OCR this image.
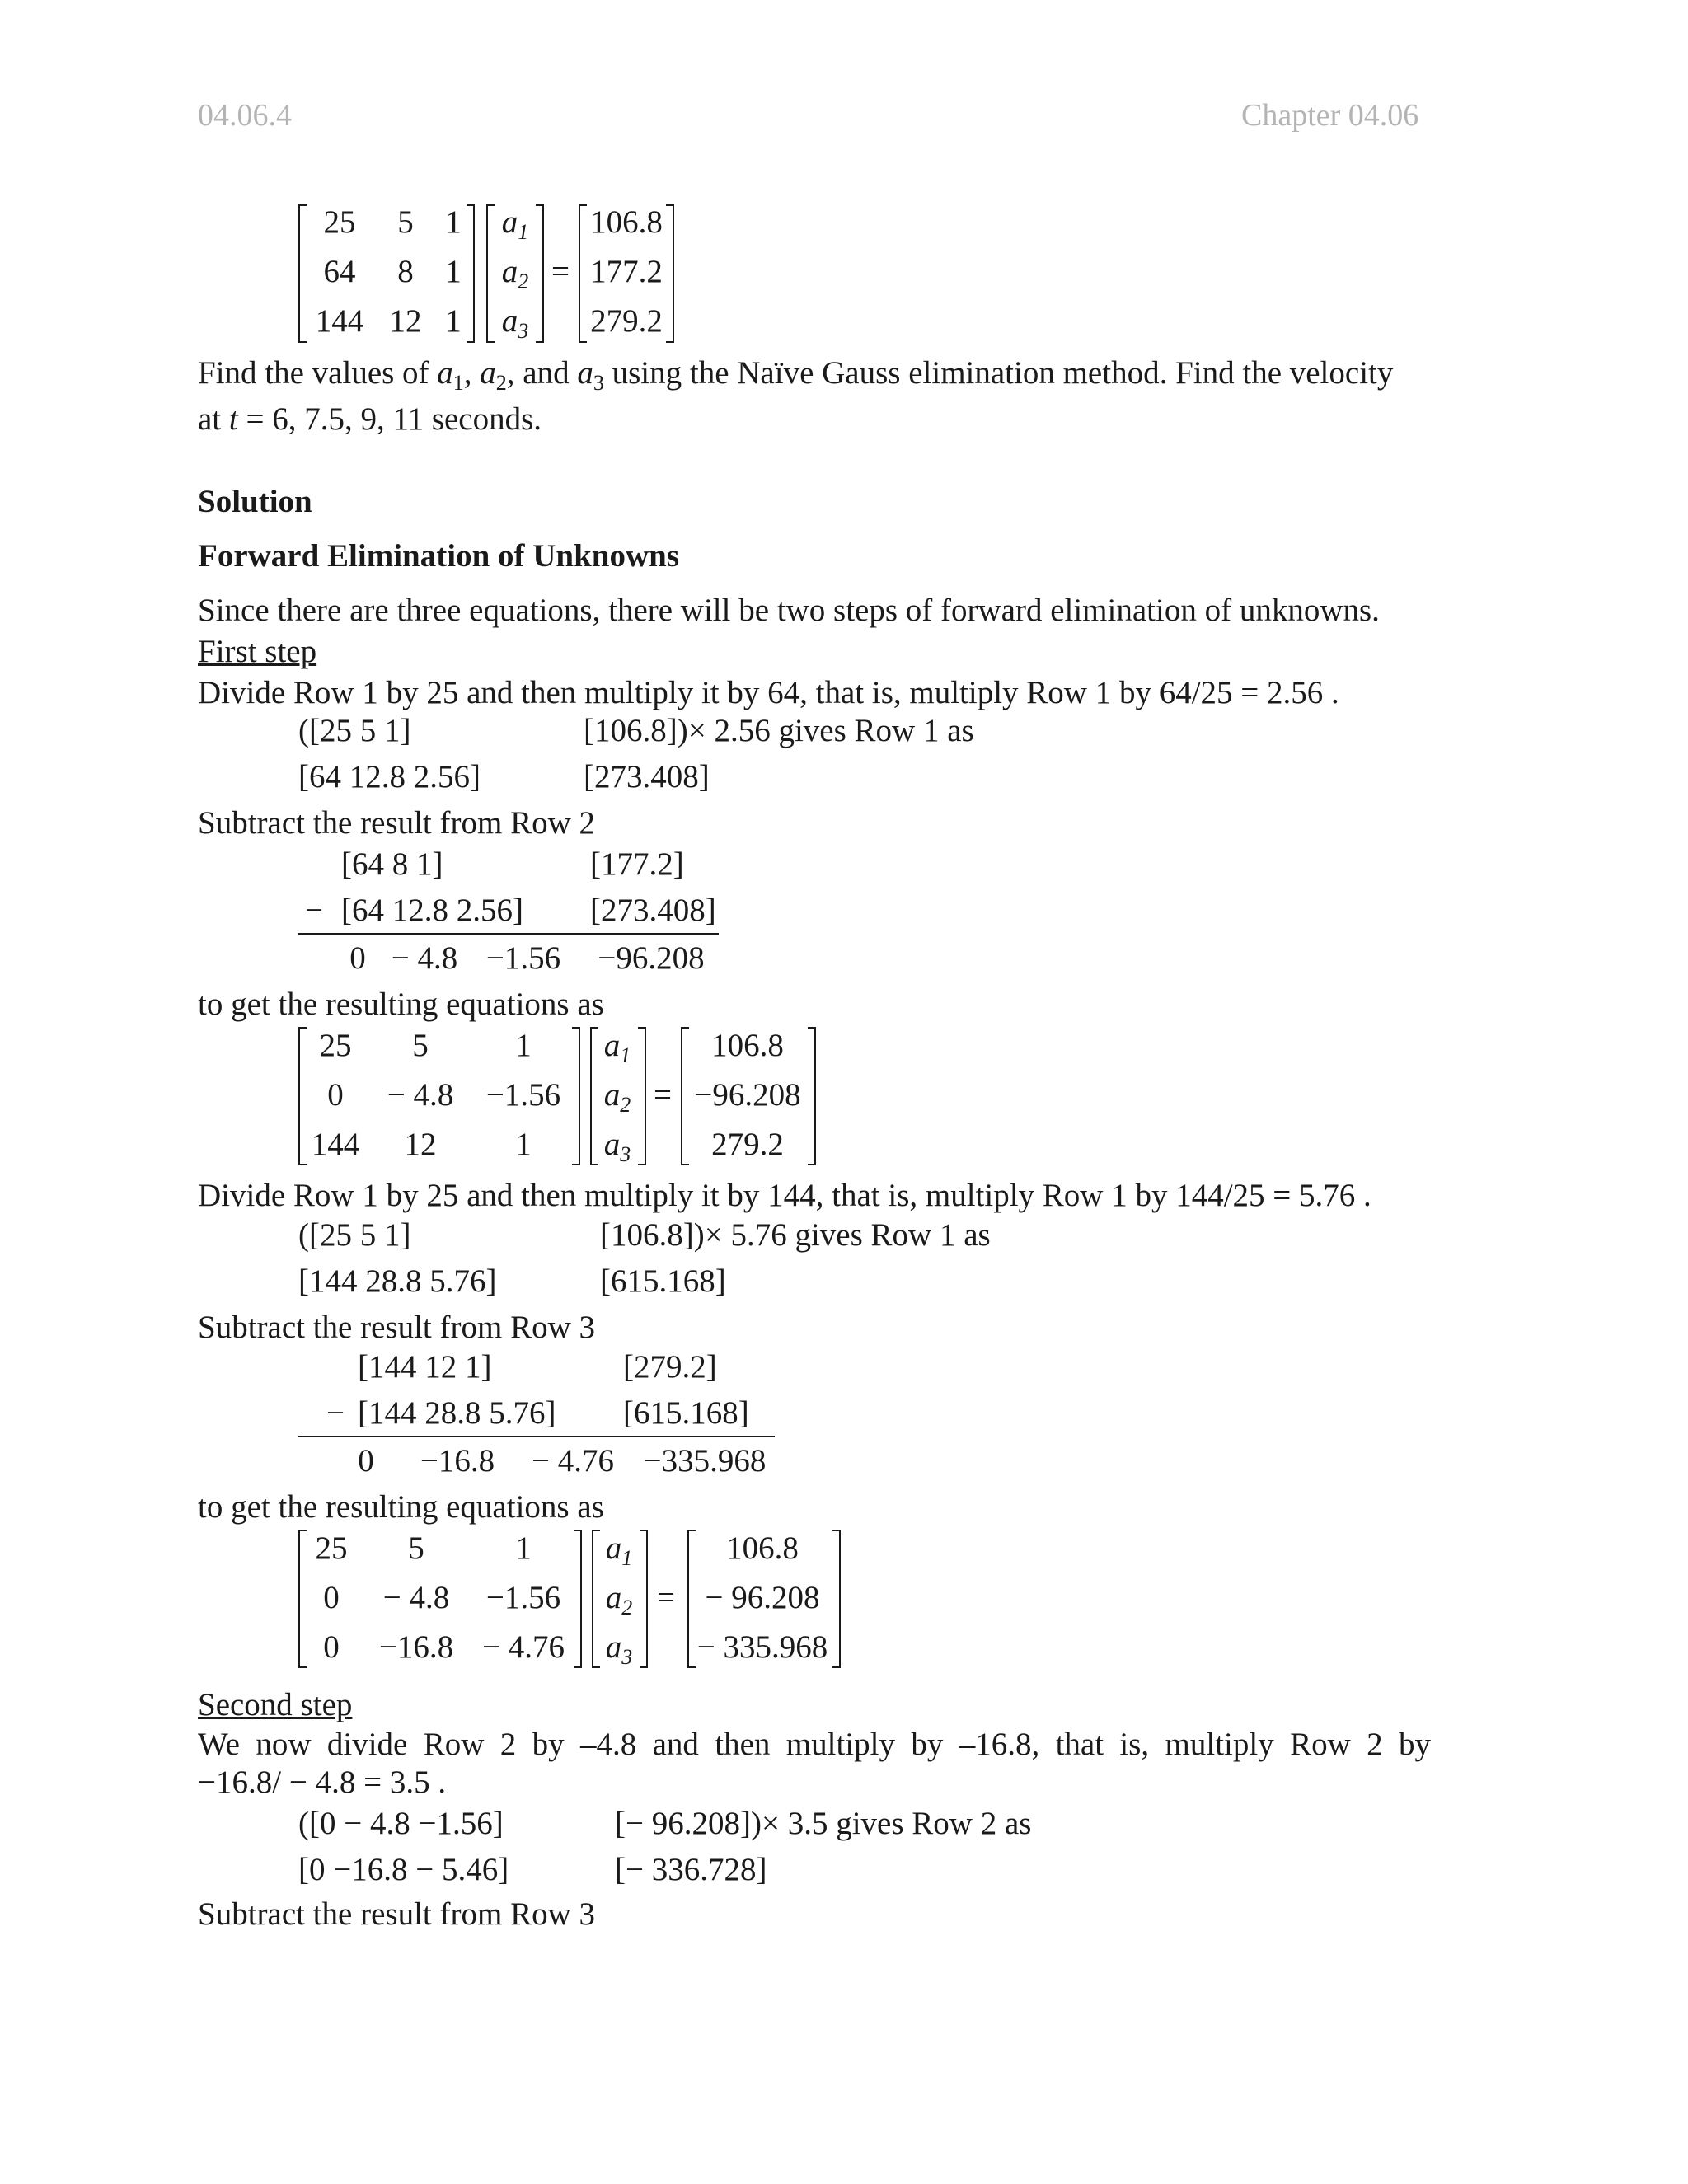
04.06.4	Chapter 04.06
25	5 1
64	8 1
144 12 1
$a_1$
$a_2$
$a_3$
=
106.8
177.2
279.2
Find the values of $a_1$, $a_2$, and $a_3$ using the Naïve Gauss elimination method. Find the velocity
at t = 6, 7.5, 9, 11 seconds.
Solution
Forward Elimination of Unknowns
Since there are three equations, there will be two steps of forward elimination of unknowns.
First step
Divide Row 1 by 25 and then multiply it by 64, that is, multiply Row 1 by 64/25 = 2.56 .
([25 5 1]	[106.8])× 2.56 gives Row 1 as
[64 12.8 2.56]	[273.408]
Subtract the result from Row 2
[64 8 1]	[177.2]
− [64 12.8 2.56] [273.408]
0 − 4.8 −1.56	−96.208
to get the resulting equations as
25	5	1
0	− 4.8 −1.56
144	12	1
$a_1$
$a_2$
$a_3$
=
106.8
−96.208
279.2
Divide Row 1 by 25 and then multiply it by 144, that is, multiply Row 1 by 144/25 = 5.76 .
([25 5 1]	[106.8])× 5.76 gives Row 1 as
[144 28.8 5.76]	[615.168]
Subtract the result from Row 3
[144 12 1]	[279.2]
− [144 28.8 5.76] [615.168]
0 −16.8 − 4.76 −335.968
to get the resulting equations as
25	5	1
0	− 4.8	−1.56
0	−16.8 − 4.76
$a_1$
$a_2$
$a_3$
=
106.8
− 96.208
− 335.968
Second step
We now divide Row 2 by –4.8 and then multiply by –16.8, that is, multiply Row 2 by
−16.8/ − 4.8 = 3.5 .
([0 − 4.8 −1.56]	[− 96.208])× 3.5 gives Row 2 as
[0 −16.8 − 5.46]	[− 336.728]
Subtract the result from Row 3
